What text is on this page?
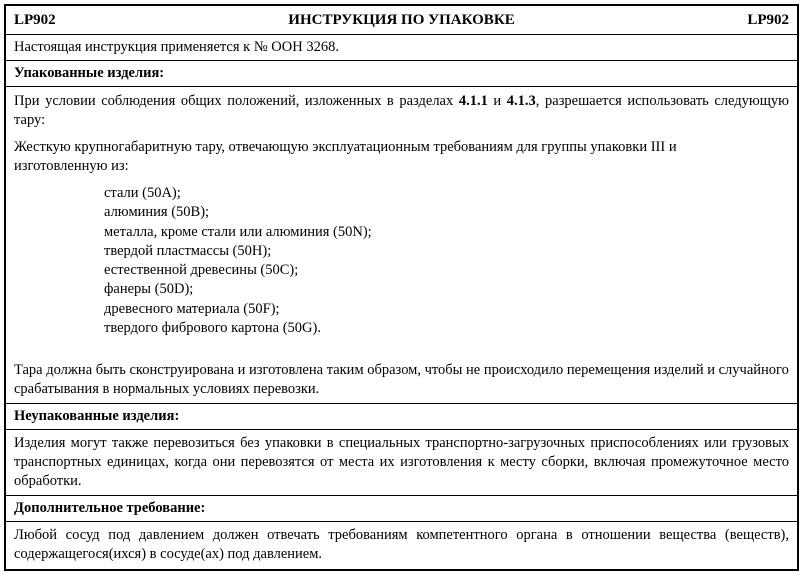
LP902	ИНСТРУКЦИЯ ПО УПАКОВКЕ	LP902
Настоящая инструкция применяется к № ООН 3268.
Упакованные изделия:
При условии соблюдения общих положений, изложенных в разделах 4.1.1 и 4.1.3, разрешается использовать следующую тару:
Жесткую крупногабаритную тару, отвечающую эксплуатационным требованиям для группы упаковки III и изготовленную из:
стали (50A);
алюминия (50B);
металла, кроме стали или алюминия (50N);
твердой пластмассы (50H);
естественной древесины (50C);
фанеры (50D);
древесного материала (50F);
твердого фибрового картона (50G).
Тара должна быть сконструирована и изготовлена таким образом, чтобы не происходило перемещения изделий и случайного срабатывания в нормальных условиях перевозки.
Неупакованные изделия:
Изделия могут также перевозиться без упаковки в специальных транспортно-загрузочных приспособлениях или грузовых транспортных единицах, когда они перевозятся от места их изготовления к месту сборки, включая промежуточное место обработки.
Дополнительное требование:
Любой сосуд под давлением должен отвечать требованиям компетентного органа в отношении вещества (веществ), содержащегося(ихся) в сосуде(ах) под давлением.
